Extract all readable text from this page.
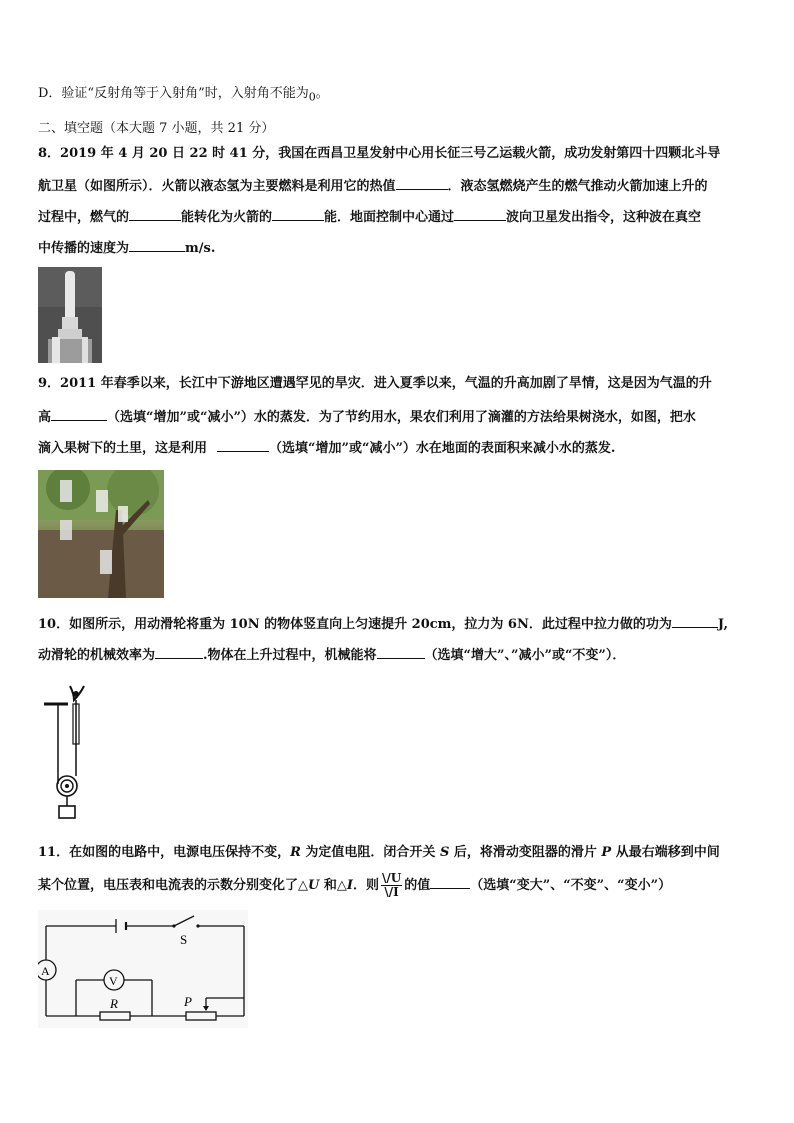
D．验证“反射角等于入射角”时，入射角不能为$_0$。
二、填空题（本大题 7 小题，共 21 分）
8．2019 年 4 月 20 日 22 时 41 分，我国在西昌卫星发射中心用长征三号乙运载火箭，成功发射第四十四颗北斗导
航卫星（如图所示）．火箭以液态氢为主要燃料是利用它的热值	．液态氢燃烧产生的燃气推动火箭加速上升的
过程中，燃气的	能转化为火箭的	能．地面控制中心通过	波向卫星发出指令，这种波在真空
中传播的速度为	m/s.
9．2011 年春季以来，长江中下游地区遭遇罕见的旱灾．进入夏季以来，气温的升高加剧了旱情，这是因为气温的升
高	（选填“增加”或“减小”）水的蒸发．为了节约用水，果农们利用了滴灌的方法给果树浇水，如图，把水
滴入果树下的土里，这是利用	（选填“增加”或“减小”）水在地面的表面积来减小水的蒸发.
10．如图所示，用动滑轮将重为 10N 的物体竖直向上匀速提升 20cm，拉力为 6N．此过程中拉力做的功为	J,
动滑轮的机械效率为	.物体在上升过程中，机械能将	（选填“增大”、”减小”或“不变”）．
11．在如图的电路中，电源电压保持不变，R 为定值电阻．闭合开关 S 后，将滑动变阻器的滑片 P 从最右端移到中间
某个位置，电压表和电流表的示数分别变化了△U 和△I．则 $\frac{\backslash/U}{\backslash/I}$ 的值	（选填“变大”、“不变”、“变小”）
S
A
V
R	P
